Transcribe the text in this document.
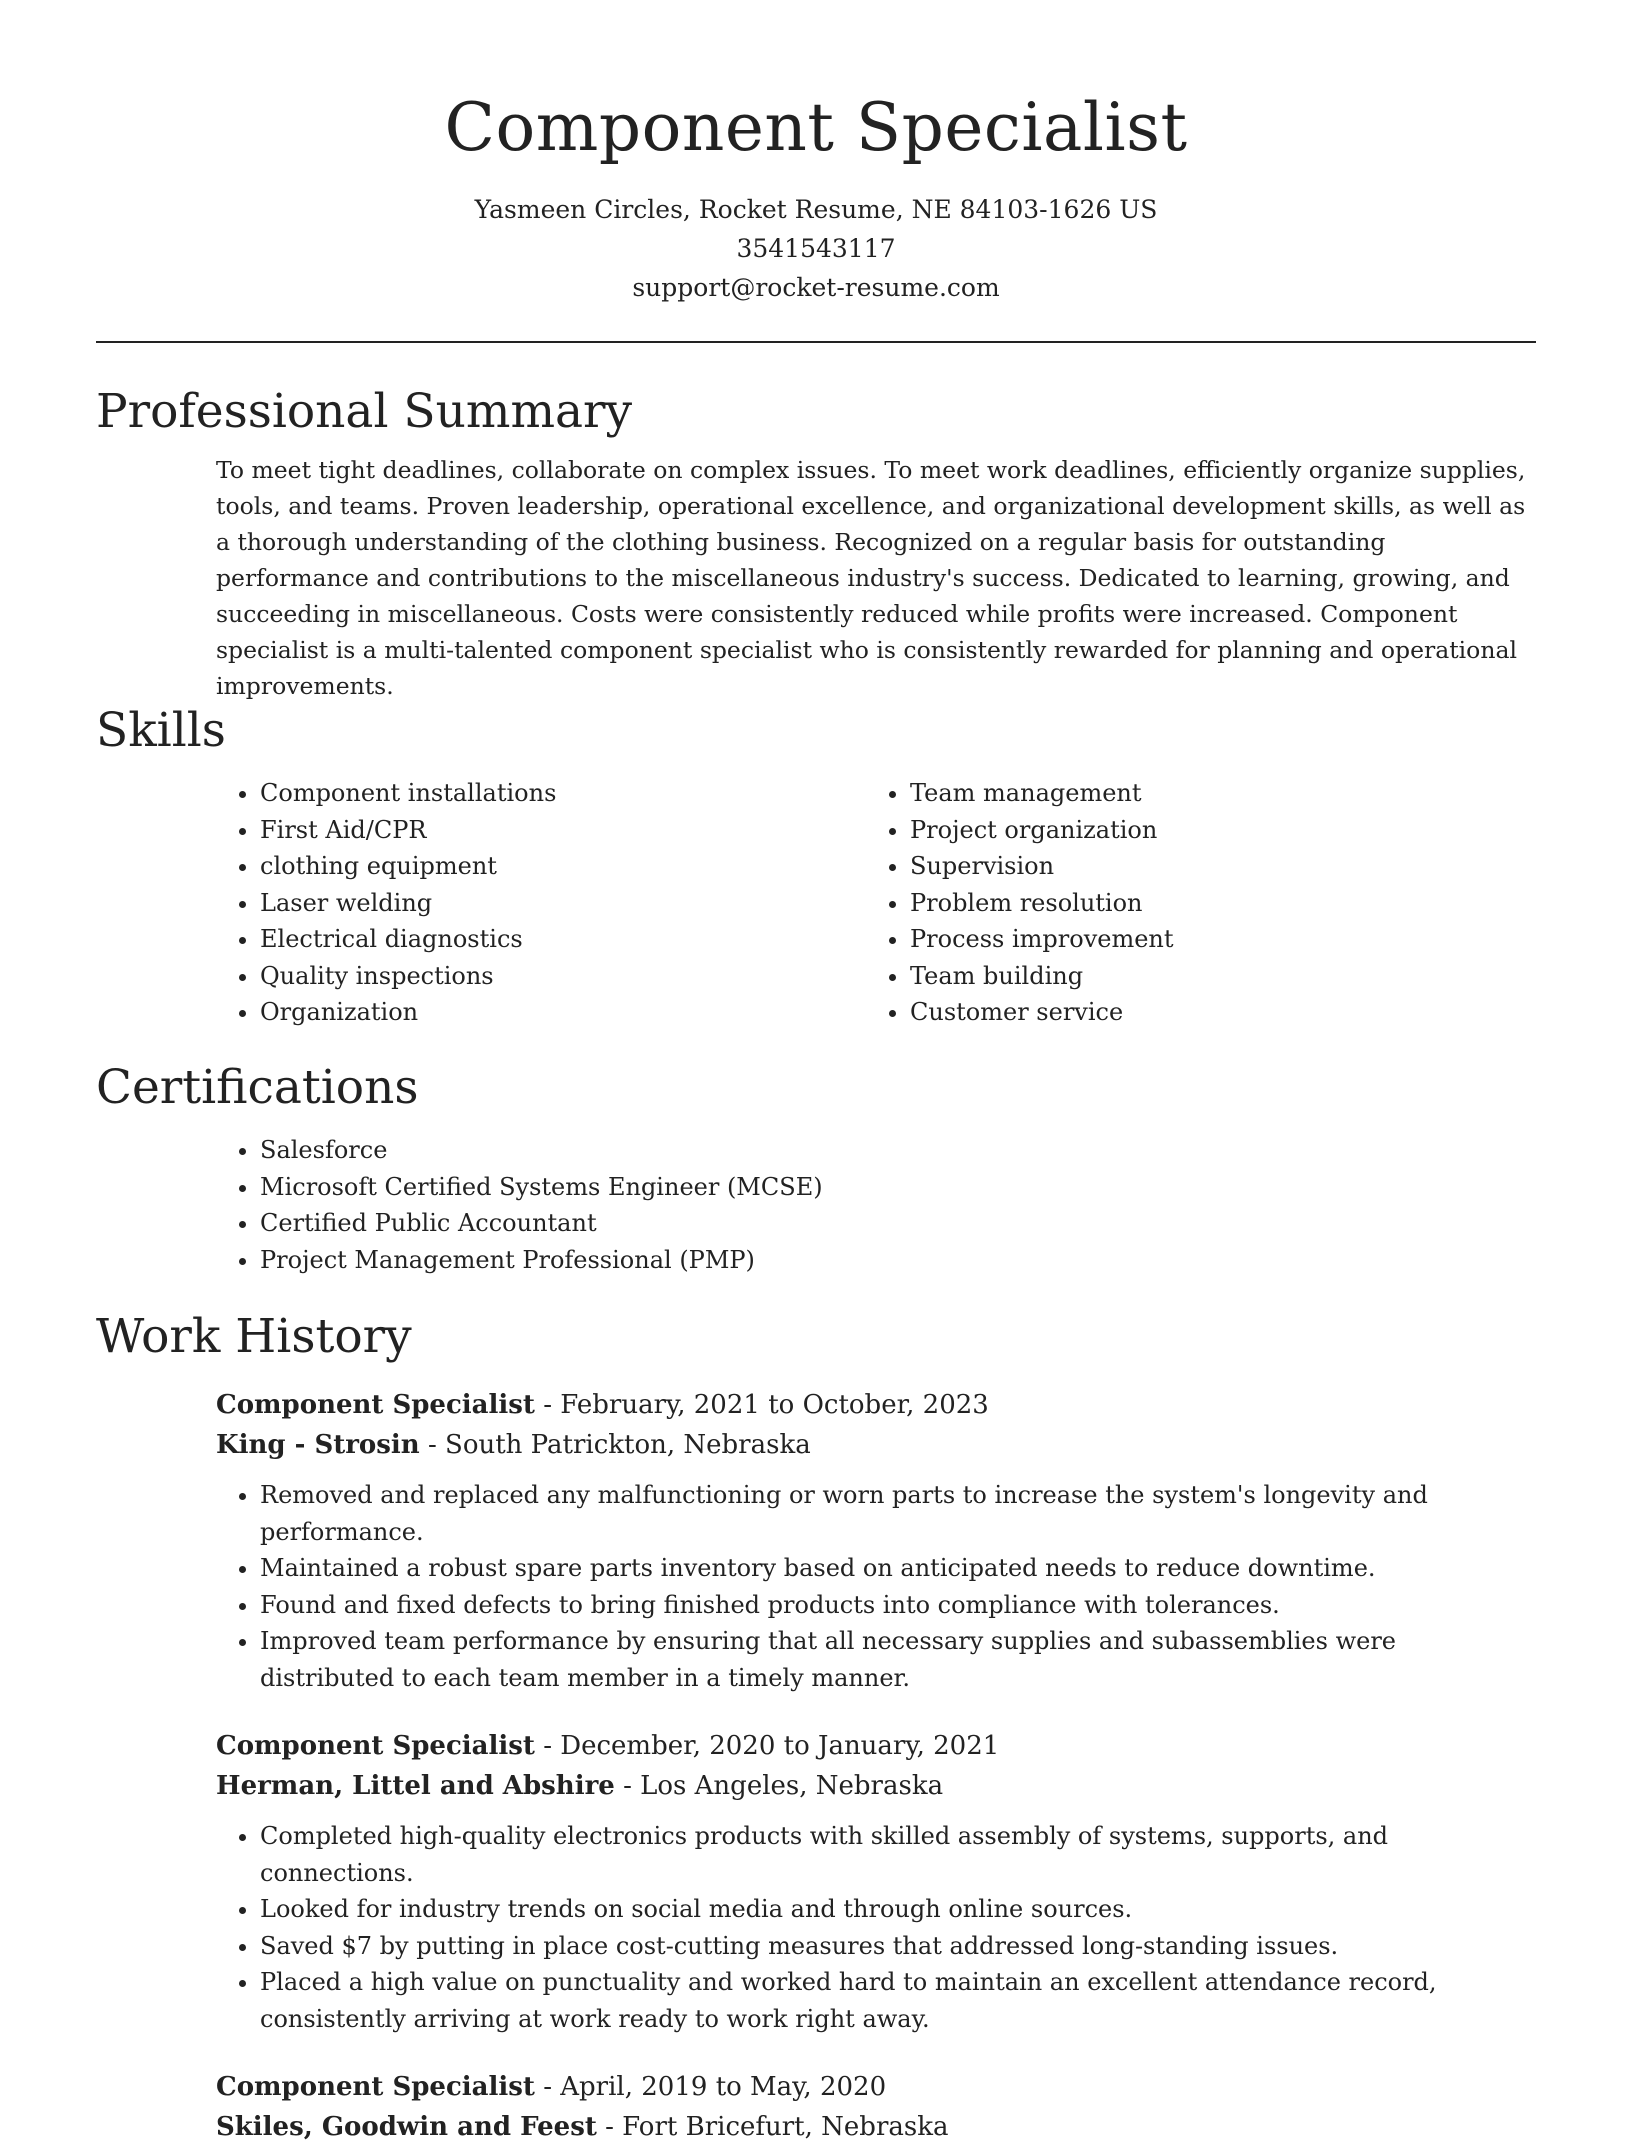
Component Specialist
Yasmeen Circles, Rocket Resume, NE 84103-1626 US
3541543117
support@rocket-resume.com
Professional Summary

To meet tight deadlines, collaborate on complex issues. To meet work deadlines, efficiently organize supplies, tools, and teams. Proven leadership, operational excellence, and organizational development skills, as well as a thorough understanding of the clothing business. Recognized on a regular basis for outstanding performance and contributions to the miscellaneous industry's success. Dedicated to learning, growing, and succeeding in miscellaneous. Costs were consistently reduced while profits were increased. Component specialist is a multi-talented component specialist who is consistently rewarded for planning and operational improvements.

Skills
• Component installations
• First Aid/CPR
• clothing equipment
• Laser welding
• Electrical diagnostics
• Quality inspections
• Organization
• Team management
• Project organization
• Supervision
• Problem resolution
• Process improvement
• Team building
• Customer service
Certifications
• Salesforce
• Microsoft Certified Systems Engineer (MCSE)
• Certified Public Accountant
• Project Management Professional (PMP)
Work History
Component Specialist - February, 2021 to October, 2023
King - Strosin - South Patrickton, Nebraska
• Removed and replaced any malfunctioning or worn parts to increase the system's longevity and performance.
• Maintained a robust spare parts inventory based on anticipated needs to reduce downtime.
• Found and fixed defects to bring finished products into compliance with tolerances.
• Improved team performance by ensuring that all necessary supplies and subassemblies were distributed to each team member in a timely manner.
Component Specialist - December, 2020 to January, 2021
Herman, Littel and Abshire - Los Angeles, Nebraska
• Completed high-quality electronics products with skilled assembly of systems, supports, and connections.
• Looked for industry trends on social media and through online sources.
• Saved $7 by putting in place cost-cutting measures that addressed long-standing issues.
• Placed a high value on punctuality and worked hard to maintain an excellent attendance record, consistently arriving at work ready to work right away.
Component Specialist - April, 2019 to May, 2020
Skiles, Goodwin and Feest - Fort Bricefurt, Nebraska
